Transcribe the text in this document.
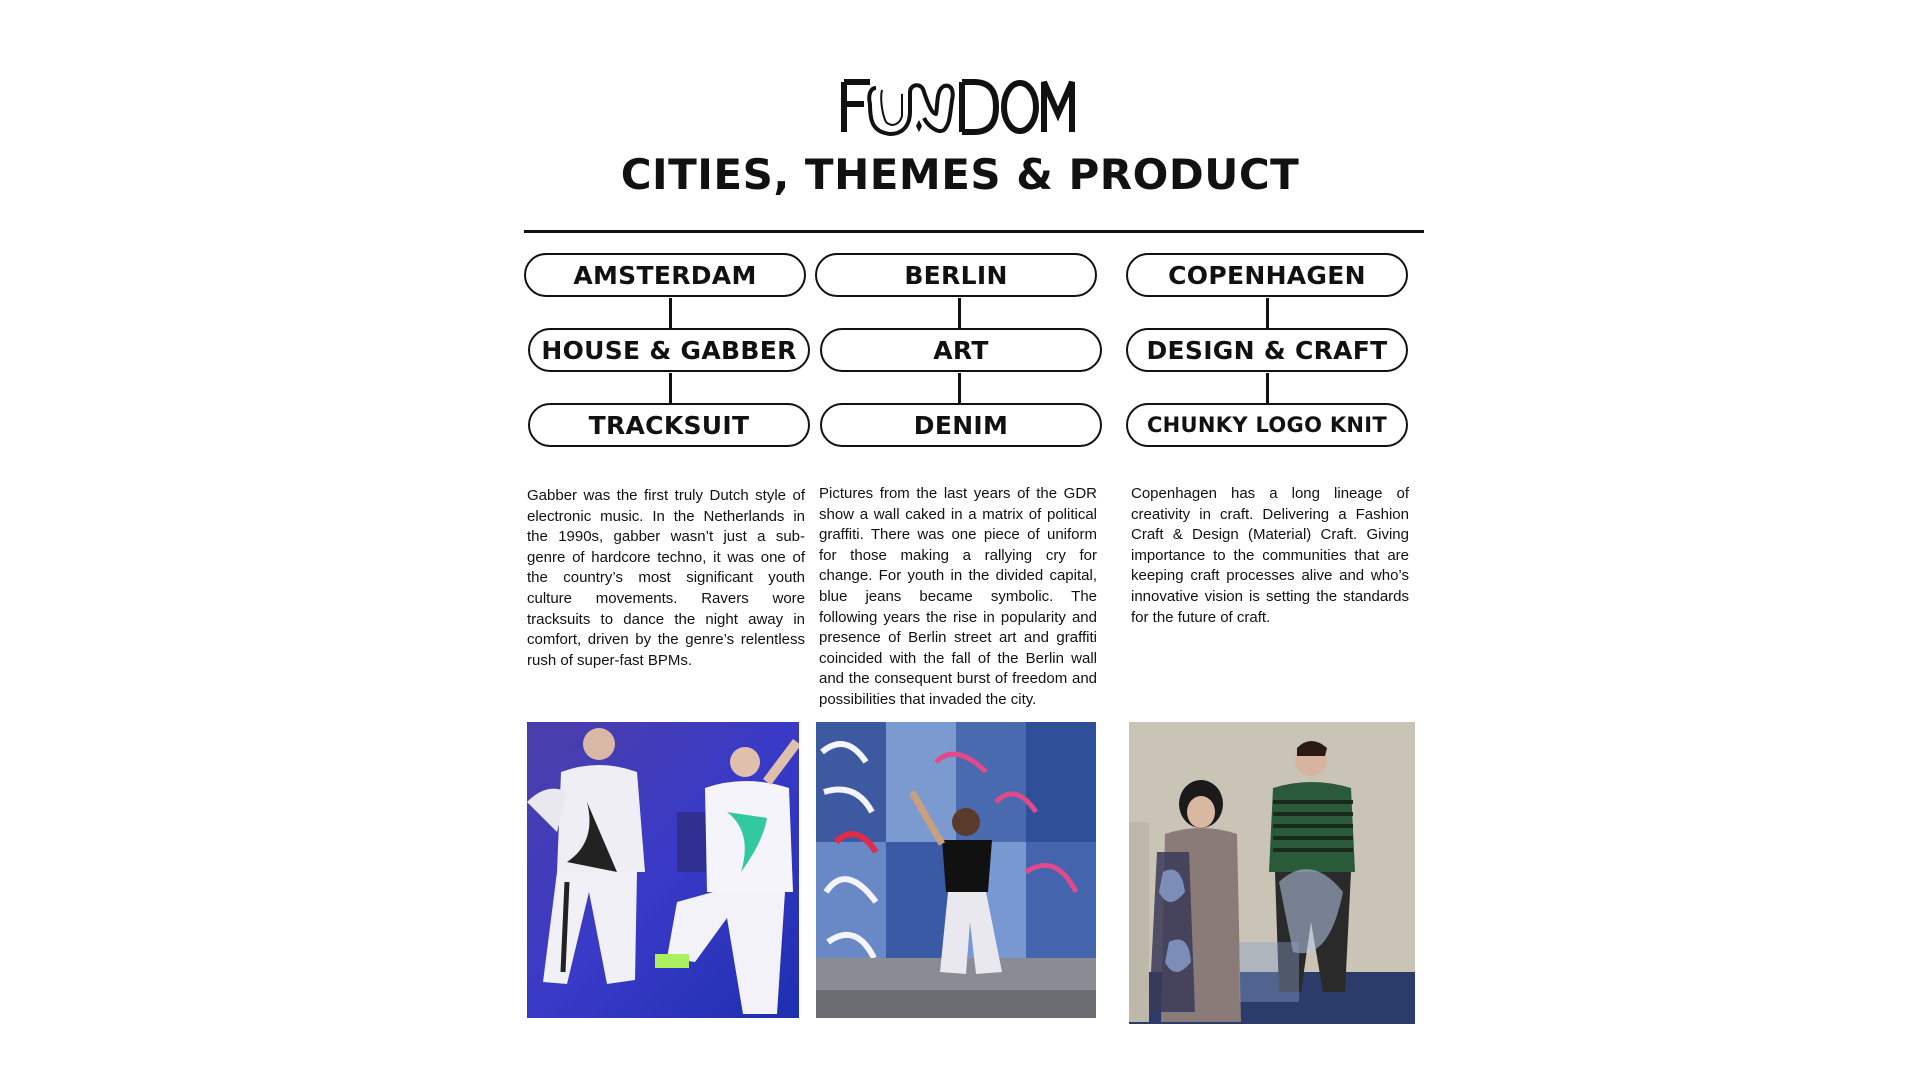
CITIES, THEMES & PRODUCT
AMSTERDAM
HOUSE & GABBER
TRACKSUIT
BERLIN
ART
DENIM
COPENHAGEN
DESIGN & CRAFT
CHUNKY LOGO KNIT

Gabber was the first truly Dutch style of electronic music. In the Netherlands in the 1990s, gabber wasn’t just a sub-genre of hardcore techno, it was one of the country’s most significant youth culture movements. Ravers wore tracksuits to dance the night away in comfort, driven by the genre’s relentless rush of super-fast BPMs.

Pictures from the last years of the GDR show a wall caked in a matrix of political graffiti. There was one piece of uniform for those making a rallying cry for change. For youth in the divided capital, blue jeans became symbolic. The following years the rise in popularity and presence of Berlin street art and graffiti coincided with the fall of the Berlin wall and the consequent burst of freedom and possibilities that invaded the city.

Copenhagen has a long lineage of creativity in craft. Delivering a Fashion Craft & Design (Material) Craft. Giving importance to the communities that are keeping craft processes alive and who’s innovative vision is setting the standards for the future of craft.
